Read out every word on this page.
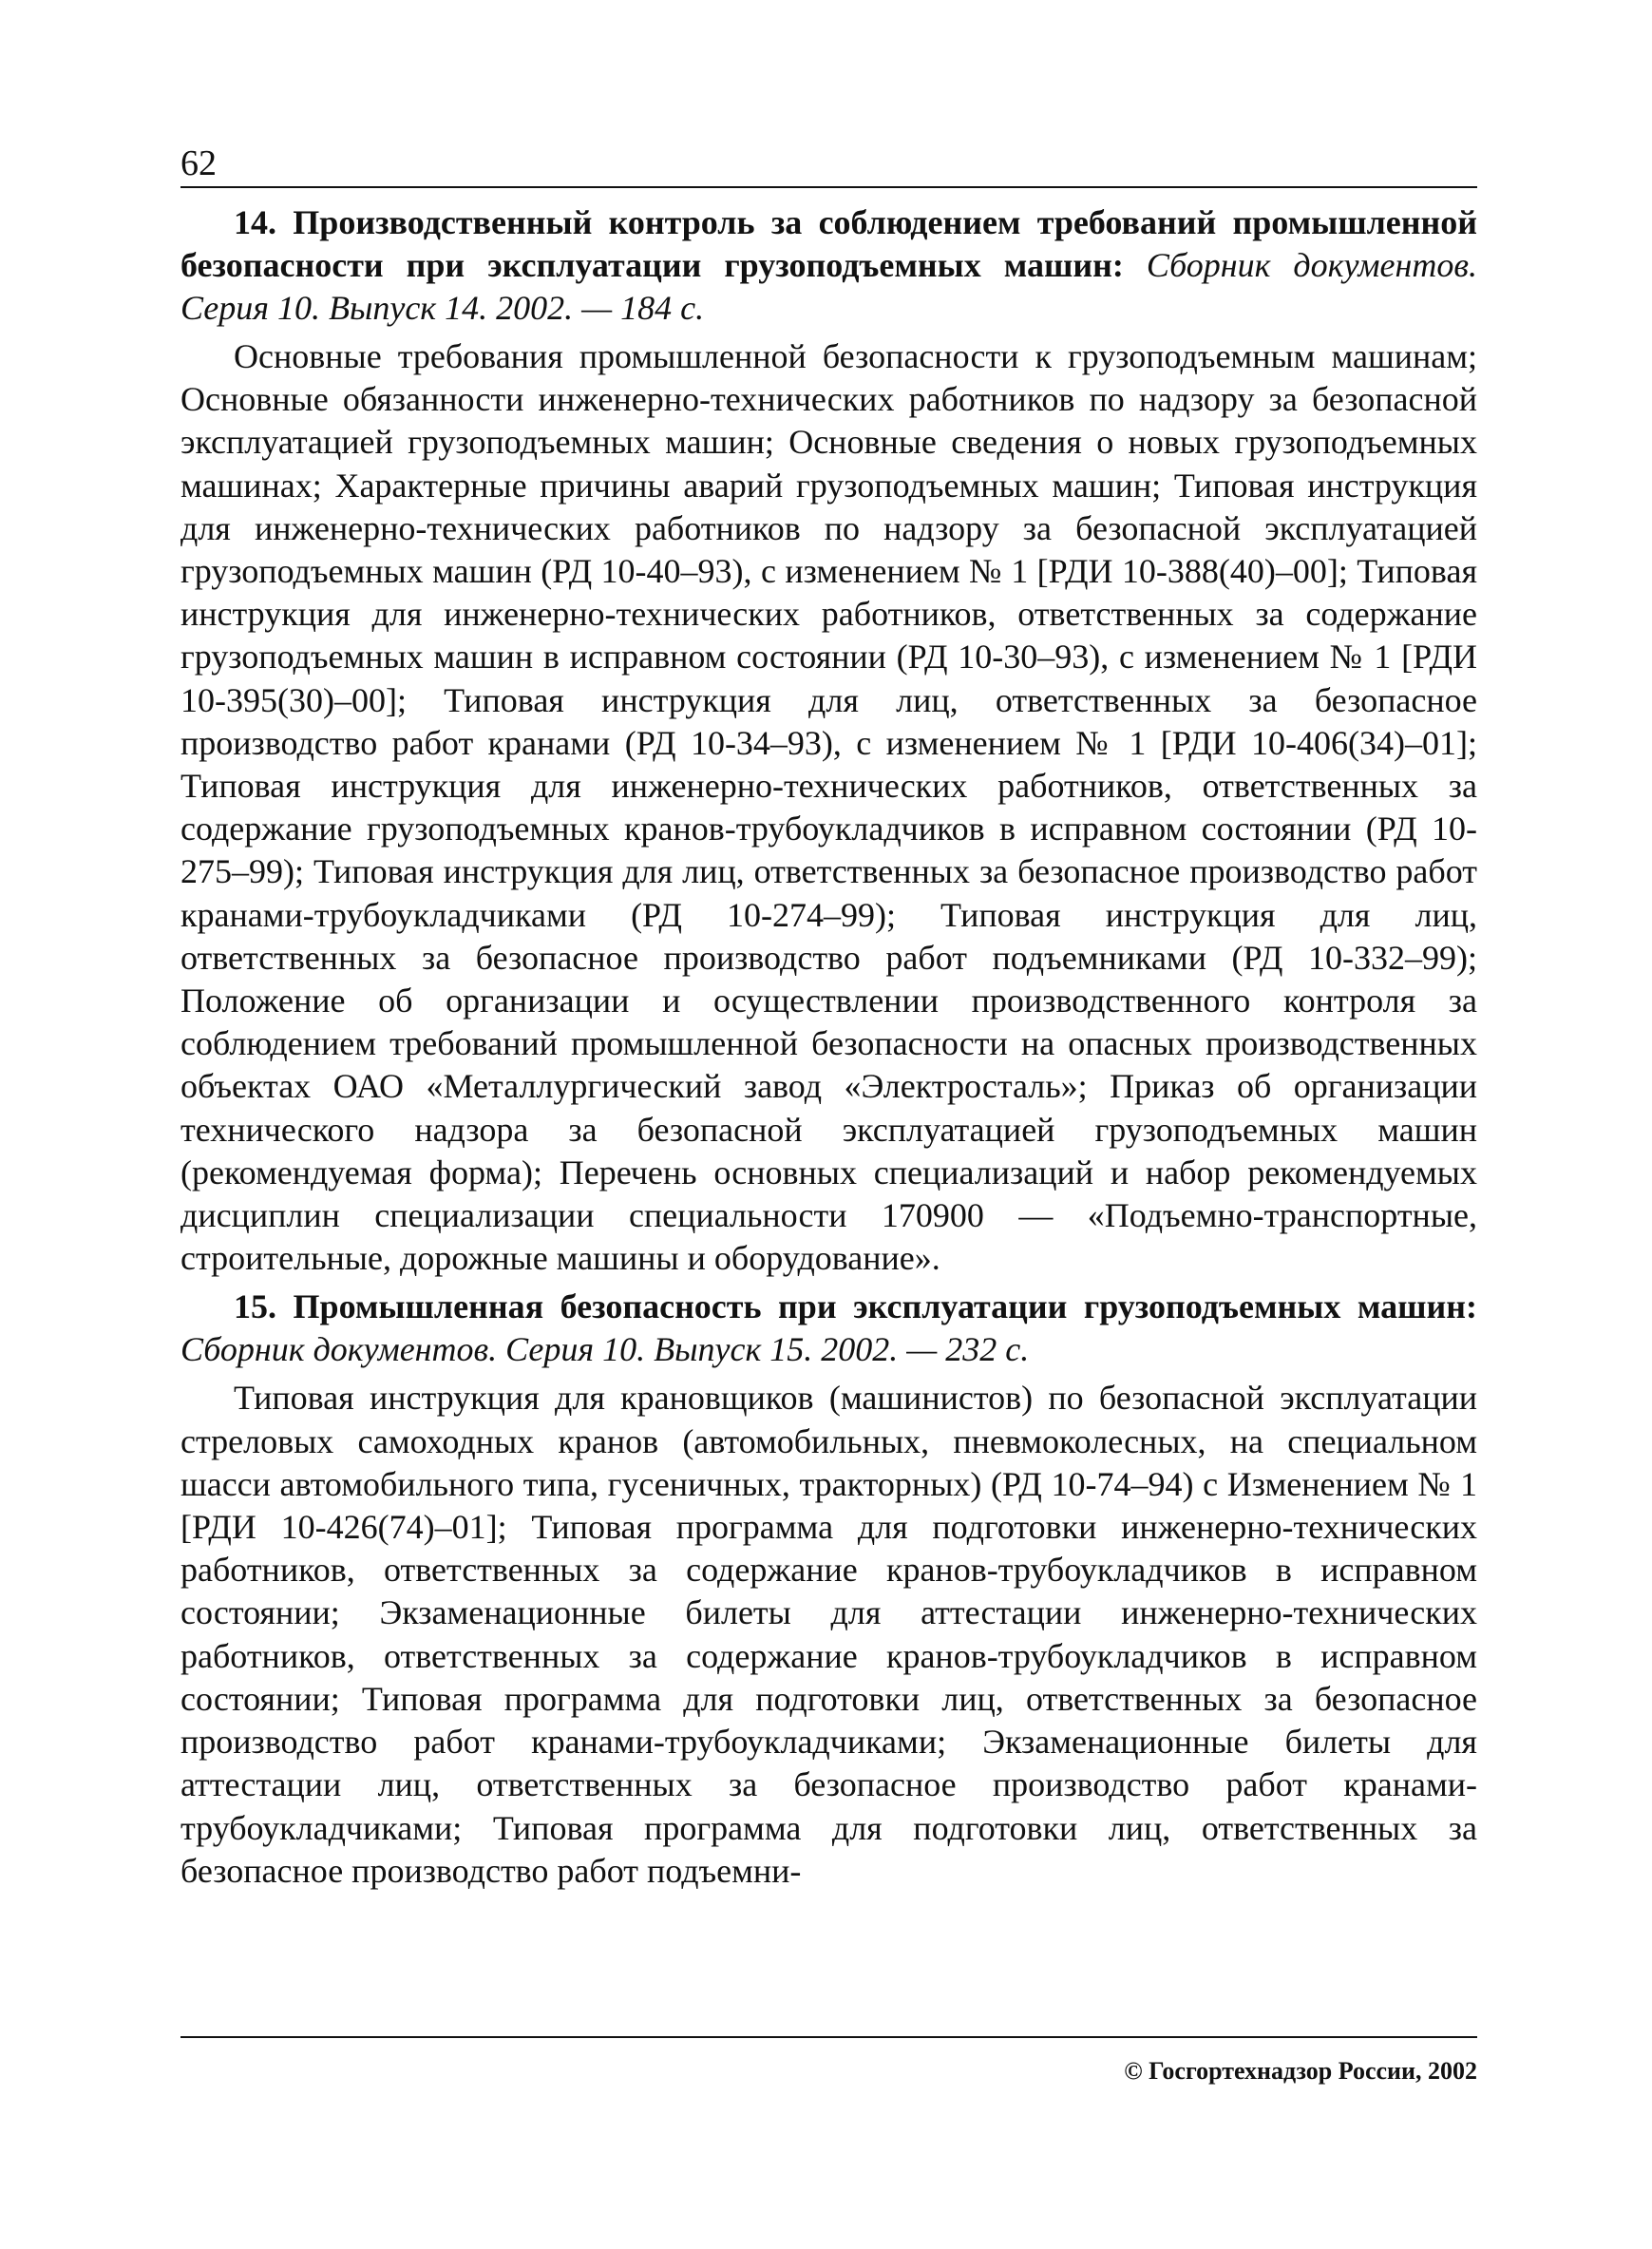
62

14. Производственный контроль за соблюдением требований промышленной безопасности при эксплуатации грузоподъемных машин: Сборник документов. Серия 10. Выпуск 14. 2002. — 184 с.

Основные требования промышленной безопасности к грузоподъемным машинам; Основные обязанности инженерно-технических работников по надзору за безопасной эксплуатацией грузоподъемных машин; Основные сведения о новых грузоподъемных машинах; Характерные причины аварий грузоподъемных машин; Типовая инструкция для инженерно-технических работников по надзору за безопасной эксплуатацией грузоподъемных машин (РД 10-40–93), с изменением № 1 [РДИ 10-388(40)–00]; Типовая инструкция для инженерно-технических работников, ответственных за содержание грузоподъемных машин в исправном состоянии (РД 10-30–93), с изменением № 1 [РДИ 10-395(30)–00]; Типовая инструкция для лиц, ответственных за безопасное производство работ кранами (РД 10-34–93), с изменением № 1 [РДИ 10-406(34)–01]; Типовая инструкция для инженерно-технических работников, ответственных за содержание грузоподъемных кранов-трубоукладчиков в исправном состоянии (РД 10-275–99); Типовая инструкция для лиц, ответственных за безопасное производство работ кранами-трубоукладчиками (РД 10-274–99); Типовая инструкция для лиц, ответственных за безопасное производство работ подъемниками (РД 10-332–99); Положение об организации и осуществлении производственного контроля за соблюдением требований промышленной безопасности на опасных производственных объектах ОАО «Металлургический завод «Электросталь»; Приказ об организации технического надзора за безопасной эксплуатацией грузоподъемных машин (рекомендуемая форма); Перечень основных специализаций и набор рекомендуемых дисциплин специализации специальности 170900 — «Подъемно-транспортные, строительные, дорожные машины и оборудование».

15. Промышленная безопасность при эксплуатации грузоподъемных машин: Сборник документов. Серия 10. Выпуск 15. 2002. — 232 с.

Типовая инструкция для крановщиков (машинистов) по безопасной эксплуатации стреловых самоходных кранов (автомобильных, пневмоколесных, на специальном шасси автомобильного типа, гусеничных, тракторных) (РД 10-74–94) с Изменением № 1 [РДИ 10-426(74)–01]; Типовая программа для подготовки инженерно-технических работников, ответственных за содержание кранов-трубоукладчиков в исправном состоянии; Экзаменационные билеты для аттестации инженерно-технических работников, ответственных за содержание кранов-трубоукладчиков в исправном состоянии; Типовая программа для подготовки лиц, ответственных за безопасное производство работ кранами-трубоукладчиками; Экзаменационные билеты для аттестации лиц, ответственных за безопасное производство работ кранами-трубоукладчиками; Типовая программа для подготовки лиц, ответственных за безопасное производство работ подъемни-

© Госгортехнадзор России, 2002
